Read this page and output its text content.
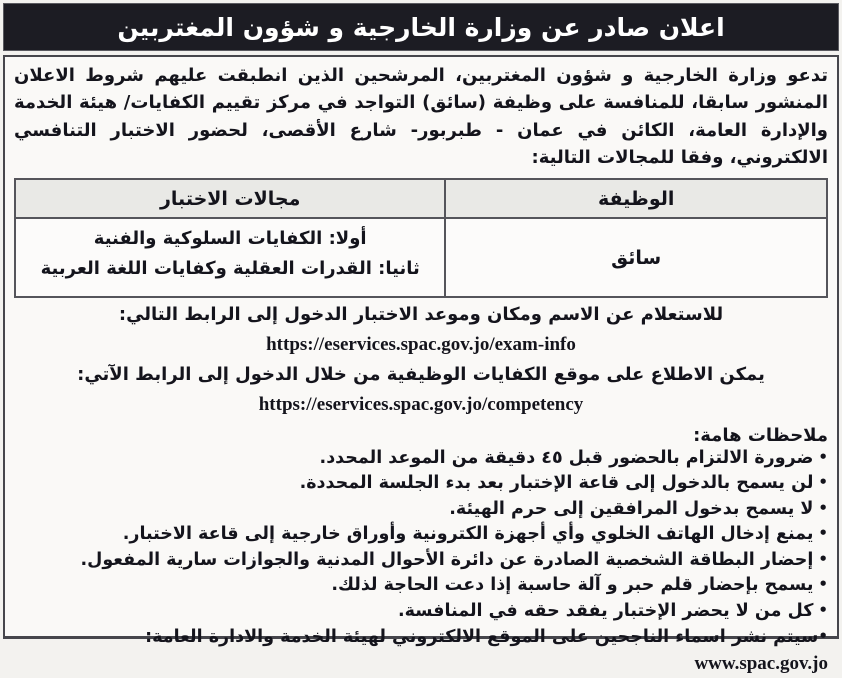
اعلان صادر عن وزارة الخارجية و شؤون المغتربين

تدعو وزارة الخارجية و شؤون المغتربين، المرشحين الذين انطبقت عليهم شروط الاعلان المنشور سابقا، للمنافسة على وظيفة (سائق) التواجد في مركز تقييم الكفايات/ هيئة الخدمة والإدارة العامة، الكائن في عمان - طبربور- شارع الأقصى، لحضور الاختبار التنافسي الالكتروني، وفقا للمجالات التالية:

الوظيفة	مجالات الاختبار
سائق	أولا: الكفايات السلوكية والفنية
ثانيا: القدرات العقلية وكفايات اللغة العربية
للاستعلام عن الاسم ومكان وموعد الاختبار الدخول إلى الرابط التالي:
https://eservices.spac.gov.jo/exam-info
يمكن الاطلاع على موقع الكفايات الوظيفية من خلال الدخول إلى الرابط الآتي:
https://eservices.spac.gov.jo/competency
ملاحظات هامة:
•ضرورة الالتزام بالحضور قبل ٤٥ دقيقة من الموعد المحدد.
•لن يسمح بالدخول إلى قاعة الإختبار بعد بدء الجلسة المحددة.
•لا يسمح بدخول المرافقين إلى حرم الهيئة.
•يمنع إدخال الهاتف الخلوي وأي أجهزة الكترونية وأوراق خارجية إلى قاعة الاختبار.
•إحضار البطاقة الشخصية الصادرة عن دائرة الأحوال المدنية والجوازات سارية المفعول.
•يسمح بإحضار قلم حبر و آلة حاسبة إذا دعت الحاجة لذلك.
•كل من لا يحضر الإختبار يفقد حقه في المنافسة.
•سيتم نشر اسماء الناجحين على الموقع الالكتروني لهيئة الخدمة والادارة العامة: www.spac.gov.jo
